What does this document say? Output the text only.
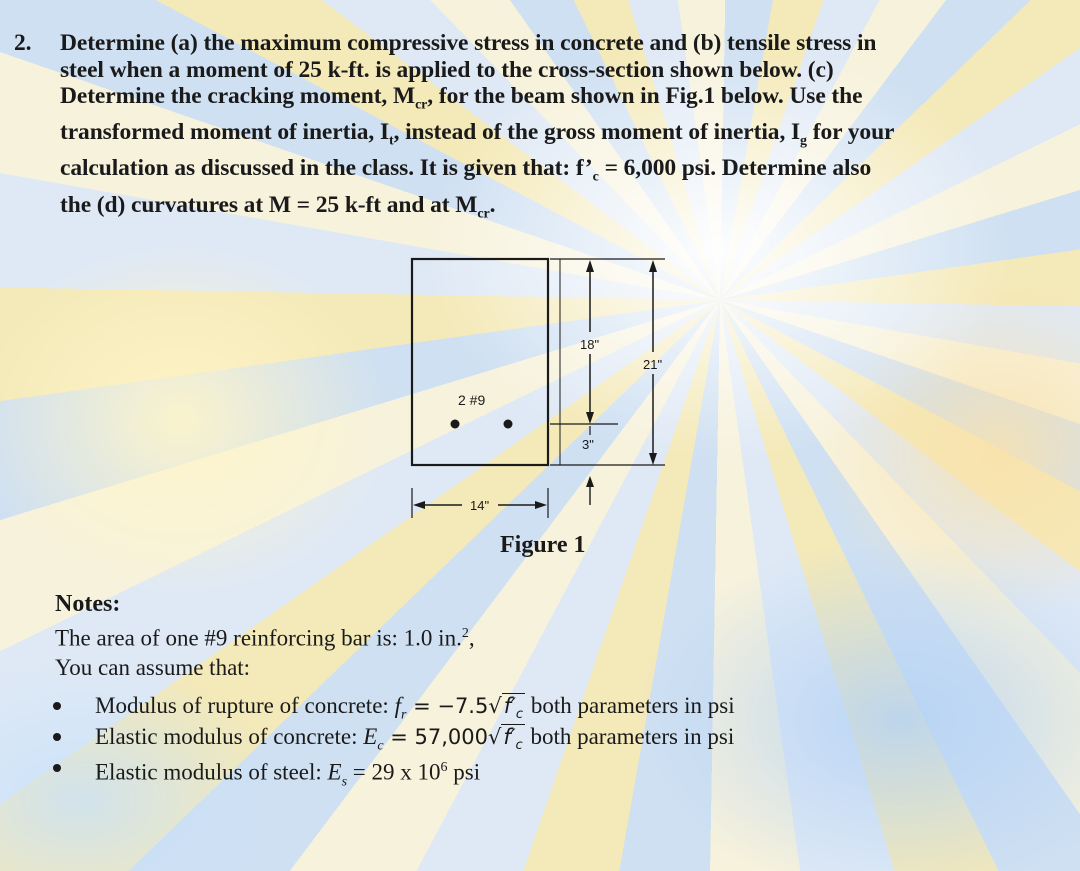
2. Determine (a) the maximum compressive stress in concrete and (b) tensile stress in
steel when a moment of 25 k-ft. is applied to the cross-section shown below. (c)
Determine the cracking moment, $M_{cr}$, for the beam shown in Fig.1 below. Use the
transformed moment of inertia, $I_t$, instead of the gross moment of inertia, $I_g$ for your
calculation as discussed in the class. It is given that: $f’_c = 6,000$ psi. Determine also
the (d) curvatures at M = 25 k-ft and at $M_{cr}$.
2 #9
18"
21"
3"
14"
Figure 1
Notes:
The area of one #9 reinforcing bar is: 1.0 in.$^2$,
You can assume that:
Modulus of rupture of concrete: $f_r = -7.5√f'_c$ both parameters in psi
Elastic modulus of concrete: $E_c = 57,000√f'_c$ both parameters in psi
Elastic modulus of steel: $E_s = 29$ x $10^6$ psi
